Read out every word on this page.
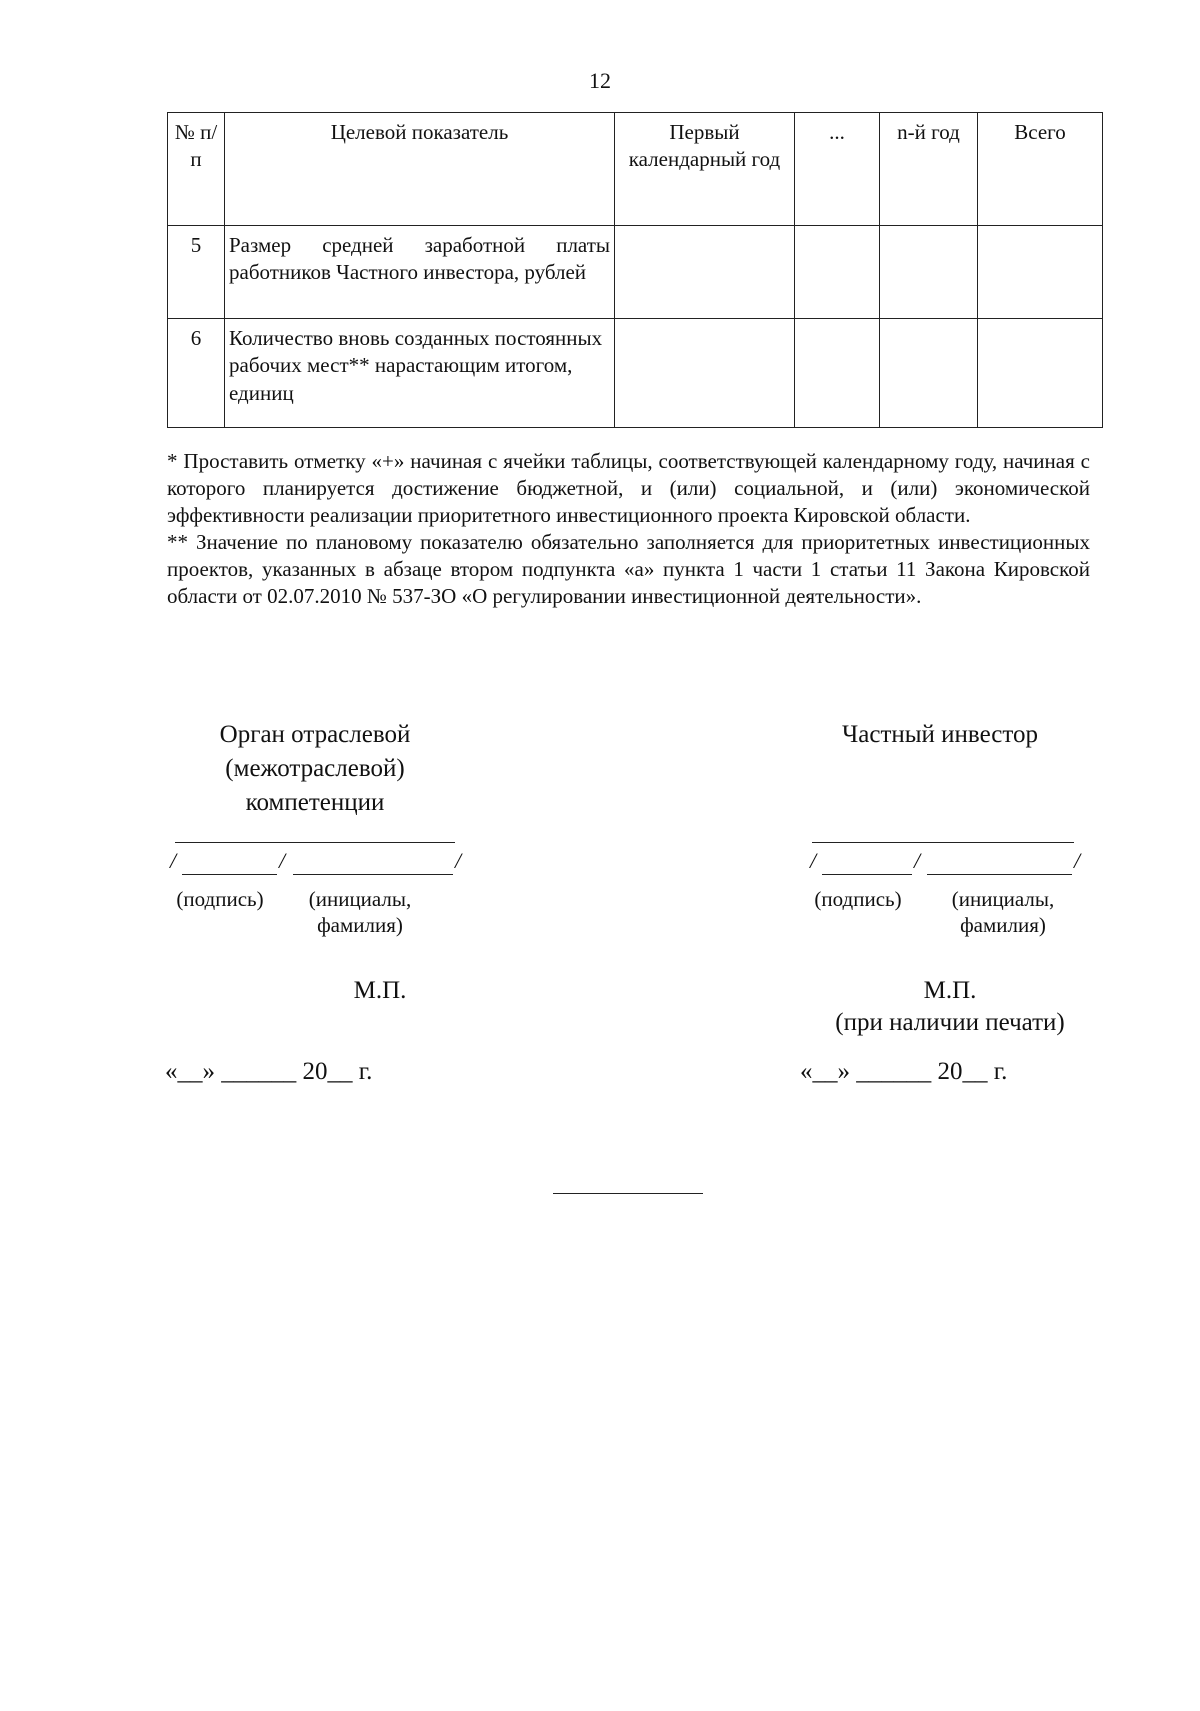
12
№ п/п	Целевой показатель	Первый календарный год	...	n-й год	Всего
5	Размер средней заработной платы работников Частного инвестора, рублей				
6	Количество вновь созданных постоянных рабочих мест** нарастающим итогом, единиц				

* Проставить отметку «+» начиная с ячейки таблицы, соответствующей календарному году, начиная с которого планируется достижение бюджетной, и (или) социальной, и (или) экономической эффективности реализации приоритетного инвестиционного проекта Кировской области.

** Значение по плановому показателю обязательно заполняется для приоритетных инвестиционных проектов, указанных в абзаце втором подпункта «а» пункта 1 части 1 статьи 11 Закона Кировской области от 02.07.2010 № 537-ЗО «О регулировании инвестиционной деятельности».

Орган отраслевой
(межотраслевой)
компетенции
/	/	/
(подпись)	(инициалы,
фамилия)
М.П.
«__» ______ 20__ г.
Частный инвестор
/	/	/
(подпись)	(инициалы,
фамилия)
М.П.
(при наличии печати)
«__» ______ 20__ г.
